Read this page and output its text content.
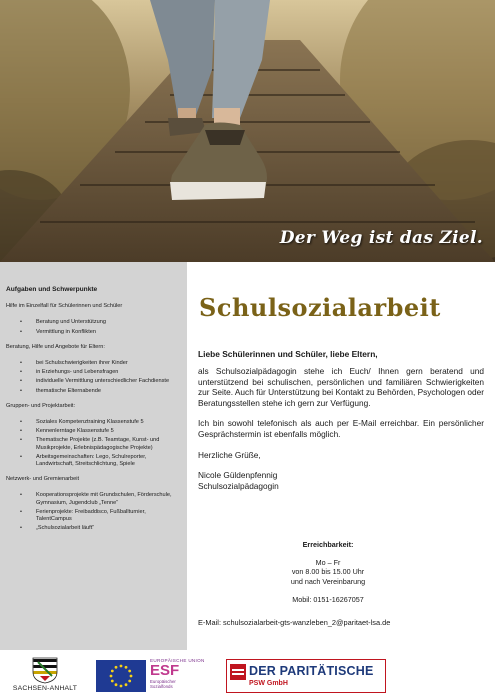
Der Weg ist das Ziel.
Aufgaben und Schwerpunkte
Hilfe im Einzelfall für Schülerinnen und Schüler
• Beratung und Unterstützung
• Vermittlung in Konflikten
Beratung, Hilfe und Angebote für Eltern:
• bei Schulschwierigkeiten ihrer Kinder
• in Erziehungs- und Lebensfragen
• individuelle Vermittlung unterschiedlicher Fachdienste
• thematische Elternabende
Gruppen- und Projektarbeit:
• Soziales Kompetenztraining Klassenstufe 5
• Kennenlerntage Klassenstufe 5
• Thematische Projekte (z.B. Teamtage, Kunst- und Musikprojekte, Erlebnispädagogische Projekte)
• Arbeitsgemeinschaften: Lego, Schulreporter, Landwirtschaft, Streitschlichtung, Spiele
Netzwerk- und Gremienarbeit
• Kooperationsprojekte mit Grundschulen, Förderschule, Gymnasium, Jugendclub „Tenne“
• Ferienprojekte: Freibaddisco, Fußballturnier, TalentCampus
• „Schulsozialarbeit läuft“
Schulsozialarbeit
Liebe Schülerinnen und Schüler, liebe Eltern,

als Schulsozialpädagogin stehe ich Euch/ Ihnen gern beratend und unterstützend bei schulischen, persönlichen und familiären Schwierigkeiten zur Seite. Auch für Unterstützung bei Kontakt zu Behörden, Psychologen oder Beratungsstellen stehe ich gern zur Verfügung.

Ich bin sowohl telefonisch als auch per E-Mail erreichbar. Ein persönlicher Gesprächstermin ist ebenfalls möglich.

Herzliche Grüße,
Nicole Güldenpfennig
Schulsozialpädagogin
Erreichbarkeit:
Mo – Fr
von 8.00 bis 15.00 Uhr
und nach Vereinbarung
Mobil: 0151-16267057
E-Mail: schulsozialarbeit-gts-wanzleben_2@paritaet-lsa.de
SACHSEN-ANHALT
EUROPÄISCHE UNION
ESF
Europäischer
Sozialfonds
DER PARITÄTISCHE
PSW GmbH
